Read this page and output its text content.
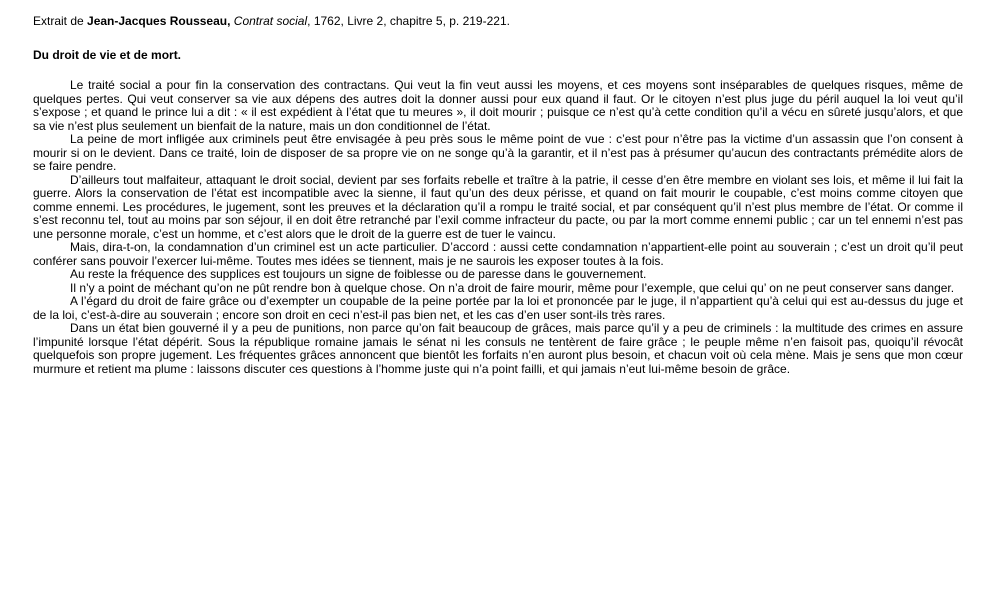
Extrait de Jean-Jacques Rousseau, Contrat social, 1762, Livre 2, chapitre 5, p. 219-221.

Du droit de vie et de mort.

Le traité social a pour fin la conservation des contractans. Qui veut la fin veut aussi les moyens, et ces moyens sont inséparables de quelques risques, même de quelques pertes. Qui veut conserver sa vie aux dépens des autres doit la donner aussi pour eux quand il faut. Or le citoyen n’est plus juge du péril auquel la loi veut qu’il s’expose ; et quand le prince lui a dit : « il est expédient à l’état que tu meures », il doit mourir ; puisque ce n’est qu’à cette condition qu’il a vécu en sûreté jusqu’alors, et que sa vie n’est plus seulement un bienfait de la nature, mais un don conditionnel de l’état.

La peine de mort infligée aux criminels peut être envisagée à peu près sous le même point de vue : c’est pour n’être pas la victime d’un assassin que l’on consent à mourir si on le devient. Dans ce traité, loin de disposer de sa propre vie on ne songe qu’à la garantir, et il n’est pas à présumer qu’aucun des contractants prémédite alors de se faire pendre.

D’ailleurs tout malfaiteur, attaquant le droit social, devient par ses forfaits rebelle et traître à la patrie, il cesse d’en être membre en violant ses lois, et même il lui fait la guerre. Alors la conservation de l’état est incompatible avec la sienne, il faut qu’un des deux périsse, et quand on fait mourir le coupable, c’est moins comme citoyen que comme ennemi. Les procédures, le jugement, sont les preuves et la déclaration qu’il a rompu le traité social, et par conséquent qu’il n’est plus membre de l’état. Or comme il s’est reconnu tel, tout au moins par son séjour, il en doit être retranché par l’exil comme infracteur du pacte, ou par la mort comme ennemi public ; car un tel ennemi n’est pas une personne morale, c’est un homme, et c’est alors que le droit de la guerre est de tuer le vaincu.

Mais, dira-t-on, la condamnation d’un criminel est un acte particulier. D’accord : aussi cette condamnation n’appartient-elle point au souverain ; c’est un droit qu’il peut conférer sans pouvoir l’exercer lui-même. Toutes mes idées se tiennent, mais je ne saurois les exposer toutes à la fois.

Au reste la fréquence des supplices est toujours un signe de foiblesse ou de paresse dans le gouvernement.

Il n’y a point de méchant qu’on ne pût rendre bon à quelque chose. On n’a droit de faire mourir, même pour l’exemple, que celui qu’ on ne peut conserver sans danger.

A l’égard du droit de faire grâce ou d’exempter un coupable de la peine portée par la loi et prononcée par le juge, il n’appartient qu’à celui qui est au-dessus du juge et de la loi, c’est-à-dire au souverain ; encore son droit en ceci n’est-il pas bien net, et les cas d’en user sont-ils très rares.

Dans un état bien gouverné il y a peu de punitions, non parce qu’on fait beaucoup de grâces, mais parce qu’il y a peu de criminels : la multitude des crimes en assure l’impunité lorsque l’état dépérit. Sous la république romaine jamais le sénat ni les consuls ne tentèrent de faire grâce ; le peuple même n’en faisoit pas, quoiqu’il révocât quelquefois son propre jugement. Les fréquentes grâces annoncent que bientôt les forfaits n’en auront plus besoin, et chacun voit où cela mène. Mais je sens que mon cœur murmure et retient ma plume : laissons discuter ces questions à l’homme juste qui n’a point failli, et qui jamais n’eut lui-même besoin de grâce.
